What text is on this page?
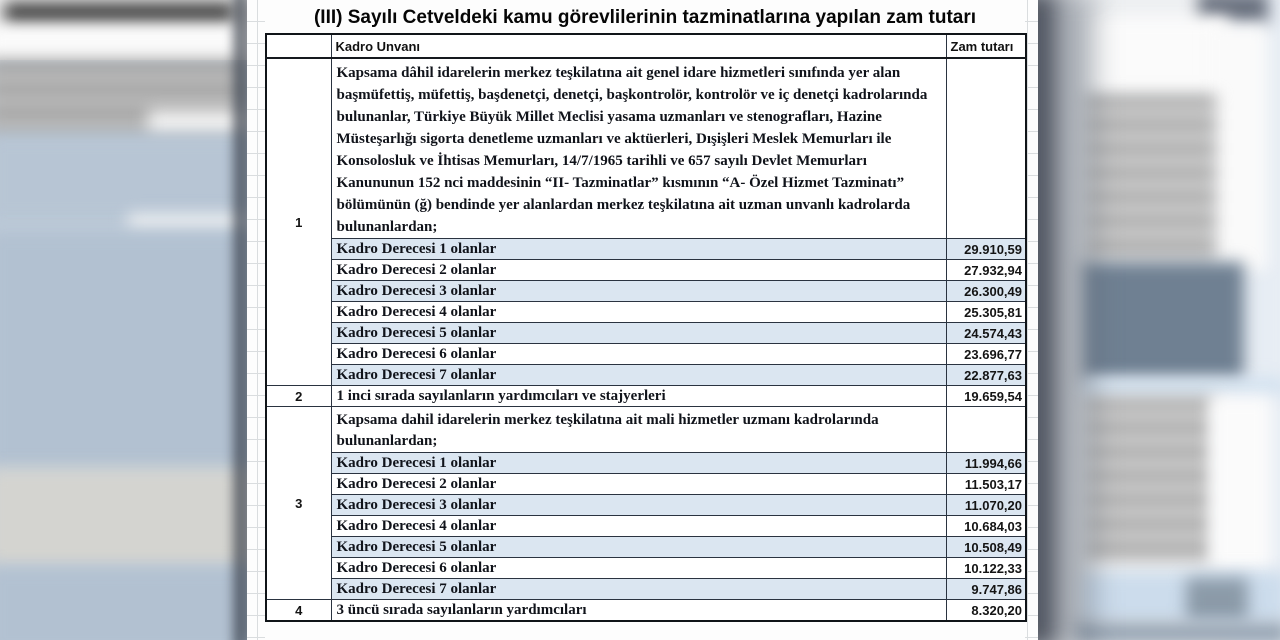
(III) Sayılı Cetveldeki kamu görevlilerinin tazminatlarına yapılan zam tutarı
	Kadro Unvanı	Zam tutarı
1	Kapsama dâhil idarelerin merkez teşkilatına ait genel idare hizmetleri sınıfında yer alan başmüfettiş, müfettiş, başdenetçi, denetçi, başkontrolör, kontrolör ve iç denetçi kadrolarında bulunanlar, Türkiye Büyük Millet Meclisi yasama uzmanları ve stenografları, Hazine Müsteşarlığı sigorta denetleme uzmanları ve aktüerleri, Dışişleri Meslek Memurları ile Konsolosluk ve İhtisas Memurları, 14/7/1965 tarihli ve 657 sayılı Devlet Memurları Kanununun 152 nci maddesinin “II- Tazminatlar” kısmının “A- Özel Hizmet Tazminatı” bölümünün (ğ) bendinde yer alanlardan merkez teşkilatına ait uzman unvanlı kadrolarda bulunanlardan;	
	Kadro Derecesi 1 olanlar	29.910,59
	Kadro Derecesi 2 olanlar	27.932,94
	Kadro Derecesi 3 olanlar	26.300,49
	Kadro Derecesi 4 olanlar	25.305,81
	Kadro Derecesi 5 olanlar	24.574,43
	Kadro Derecesi 6 olanlar	23.696,77
	Kadro Derecesi 7 olanlar	22.877,63
2	1 inci sırada sayılanların yardımcıları ve stajyerleri	19.659,54
3	Kapsama dahil idarelerin merkez teşkilatına ait mali hizmetler uzmanı kadrolarında bulunanlardan;	
	Kadro Derecesi 1 olanlar	11.994,66
	Kadro Derecesi 2 olanlar	11.503,17
	Kadro Derecesi 3 olanlar	11.070,20
	Kadro Derecesi 4 olanlar	10.684,03
	Kadro Derecesi 5 olanlar	10.508,49
	Kadro Derecesi 6 olanlar	10.122,33
	Kadro Derecesi 7 olanlar	9.747,86
4	3 üncü sırada sayılanların yardımcıları	8.320,20
